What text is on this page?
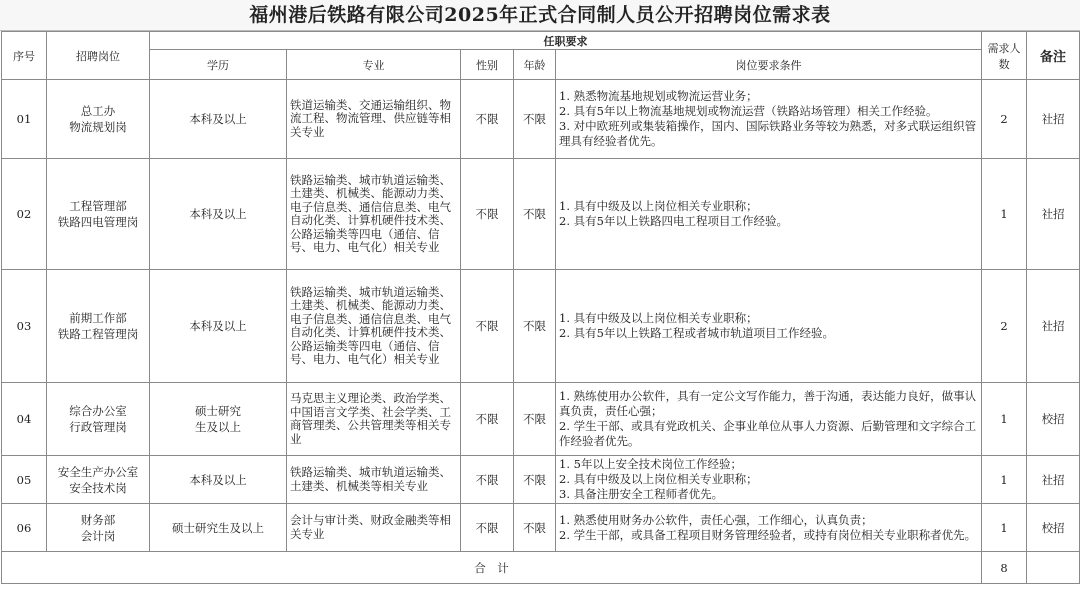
福州港后铁路有限公司2025年正式合同制人员公开招聘岗位需求表
序号	招聘岗位	任职要求					需求人数	备注
		学历	专业	性别	年龄	岗位要求条件		
01	总工办
物流规划岗	本科及以上	铁道运输类、交通运输组织、物流工程、物流管理、供应链等相关专业	不限	不限	1. 熟悉物流基地规划或物流运营业务；
2. 具有5年以上物流基地规划或物流运营（铁路站场管理）相关工作经验。
3. 对中欧班列或集装箱操作，国内、国际铁路业务等较为熟悉，对多式联运组织管理具有经验者优先。	2	社招
02	工程管理部
铁路四电管理岗	本科及以上	铁路运输类、城市轨道运输类、土建类、机械类、能源动力类、电子信息类、通信信息类、电气自动化类、计算机硬件技术类、公路运输类等四电（通信、信号、电力、电气化）相关专业	不限	不限	1. 具有中级及以上岗位相关专业职称；
2. 具有5年以上铁路四电工程项目工作经验。	1	社招
03	前期工作部
铁路工程管理岗	本科及以上	铁路运输类、城市轨道运输类、土建类、机械类、能源动力类、电子信息类、通信信息类、电气自动化类、计算机硬件技术类、公路运输类等四电（通信、信号、电力、电气化）相关专业	不限	不限	1. 具有中级及以上岗位相关专业职称；
2. 具有5年以上铁路工程或者城市轨道项目工作经验。	2	社招
04	综合办公室
行政管理岗	硕士研究
生及以上	马克思主义理论类、政治学类、中国语言文学类、社会学类、工商管理类、公共管理类等相关专业	不限	不限	1. 熟练使用办公软件，具有一定公文写作能力，善于沟通，表达能力良好，做事认真负责，责任心强；
2. 学生干部、或具有党政机关、企事业单位从事人力资源、后勤管理和文字综合工作经验者优先。	1	校招
05	安全生产办公室
安全技术岗	本科及以上	铁路运输类、城市轨道运输类、土建类、机械类等相关专业	不限	不限	1. 5年以上安全技术岗位工作经验；
2. 具有中级及以上岗位相关专业职称；
3. 具备注册安全工程师者优先。	1	社招
06	财务部
会计岗	硕士研究生及以上	会计与审计类、财政金融类等相关专业	不限	不限	1. 熟悉使用财务办公软件，责任心强，工作细心，认真负责；
2. 学生干部，或具备工程项目财务管理经验者，或持有岗位相关专业职称者优先。	1	校招
合　计							8	
